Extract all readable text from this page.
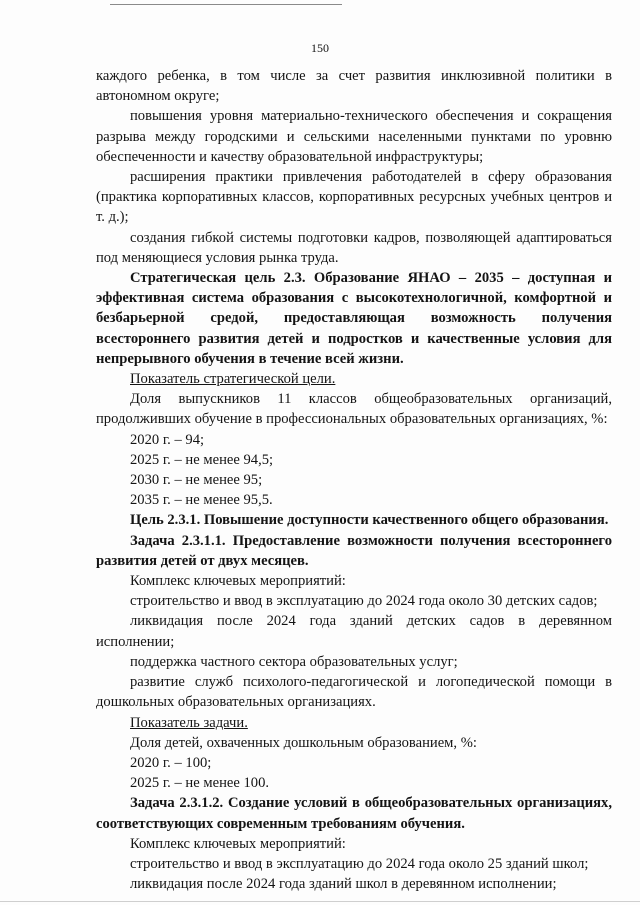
150

каждого ребенка, в том числе за счет развития инклюзивной политики в автономном округе;

повышения уровня материально-технического обеспечения и сокращения разрыва между городскими и сельскими населенными пунктами по уровню обеспеченности и качеству образовательной инфраструктуры;

расширения практики привлечения работодателей в сферу образования (практика корпоративных классов, корпоративных ресурсных учебных центров и т. д.);

создания гибкой системы подготовки кадров, позволяющей адаптироваться под меняющиеся условия рынка труда.

Стратегическая цель 2.3. Образование ЯНАО – 2035 – доступная и эффективная система образования с высокотехнологичной, комфортной и безбарьерной средой, предоставляющая возможность получения всестороннего развития детей и подростков и качественные условия для непрерывного обучения в течение всей жизни.

Показатель стратегической цели.

Доля выпускников 11 классов общеобразовательных организаций, продолживших обучение в профессиональных образовательных организациях, %:

2020 г. – 94;

2025 г. – не менее 94,5;

2030 г. – не менее 95;

2035 г. – не менее 95,5.

Цель 2.3.1. Повышение доступности качественного общего образования.

Задача 2.3.1.1. Предоставление возможности получения всестороннего развития детей от двух месяцев.

Комплекс ключевых мероприятий:

строительство и ввод в эксплуатацию до 2024 года около 30 детских садов;

ликвидация после 2024 года зданий детских садов в деревянном исполнении;

поддержка частного сектора образовательных услуг;

развитие служб психолого-педагогической и логопедической помощи в дошкольных образовательных организациях.

Показатель задачи.

Доля детей, охваченных дошкольным образованием, %:

2020 г. – 100;

2025 г. – не менее 100.

Задача 2.3.1.2. Создание условий в общеобразовательных организациях, соответствующих современным требованиям обучения.

Комплекс ключевых мероприятий:

строительство и ввод в эксплуатацию до 2024 года около 25 зданий школ;

ликвидация после 2024 года зданий школ в деревянном исполнении;
